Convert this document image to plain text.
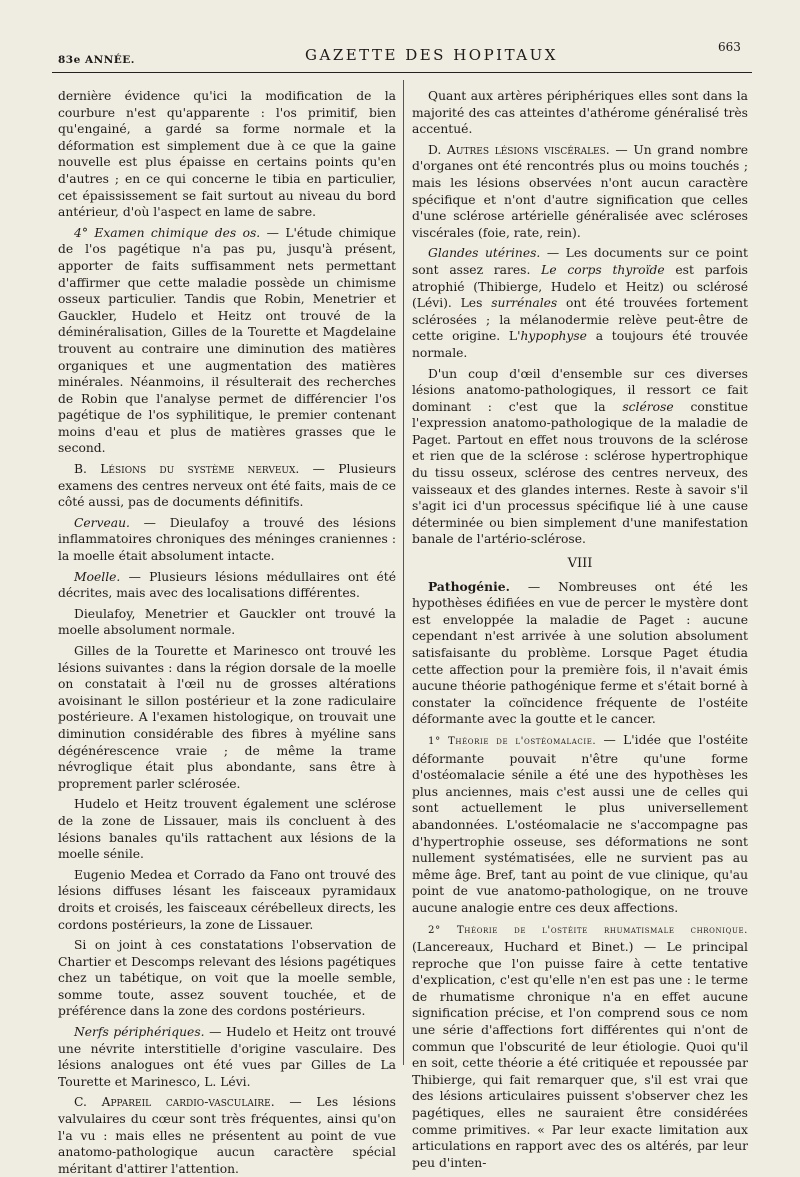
83e ANNÉE.	GAZETTE DES HOPITAUX	663

dernière évidence qu'ici la modification de la courbure n'est qu'apparente : l'os primitif, bien qu'engainé, a gardé sa forme normale et la déformation est simplement due à ce que la gaine nouvelle est plus épaisse en certains points qu'en d'autres ; en ce qui concerne le tibia en particulier, cet épaississement se fait surtout au niveau du bord antérieur, d'où l'aspect en lame de sabre.

4° Examen chimique des os. — L'étude chimique de l'os pagétique n'a pas pu, jusqu'à présent, apporter de faits suffisamment nets permettant d'affirmer que cette maladie possède un chimisme osseux particulier. Tandis que Robin, Menetrier et Gauckler, Hudelo et Heitz ont trouvé de la déminéralisation, Gilles de la Tourette et Magdelaine trouvent au contraire une diminution des matières organiques et une augmentation des matières minérales. Néanmoins, il résulterait des recherches de Robin que l'analyse permet de différencier l'os pagétique de l'os syphilitique, le premier contenant moins d'eau et plus de matières grasses que le second.

B. Lésions du système nerveux. — Plusieurs examens des centres nerveux ont été faits, mais de ce côté aussi, pas de documents définitifs.

Cerveau. — Dieulafoy a trouvé des lésions inflammatoires chroniques des méninges craniennes : la moelle était absolument intacte.

Moelle. — Plusieurs lésions médullaires ont été décrites, mais avec des localisations différentes.

Dieulafoy, Menetrier et Gauckler ont trouvé la moelle absolument normale.

Gilles de la Tourette et Marinesco ont trouvé les lésions suivantes : dans la région dorsale de la moelle on constatait à l'œil nu de grosses altérations avoisinant le sillon postérieur et la zone radiculaire postérieure. A l'examen histologique, on trouvait une diminution considérable des fibres à myéline sans dégénérescence vraie ; de même la trame névroglique était plus abondante, sans être à proprement parler sclérosée.

Hudelo et Heitz trouvent également une sclérose de la zone de Lissauer, mais ils concluent à des lésions banales qu'ils rattachent aux lésions de la moelle sénile.

Eugenio Medea et Corrado da Fano ont trouvé des lésions diffuses lésant les faisceaux pyramidaux droits et croisés, les faisceaux cérébelleux directs, les cordons postérieurs, la zone de Lissauer.

Si on joint à ces constatations l'observation de Chartier et Descomps relevant des lésions pagétiques chez un tabétique, on voit que la moelle semble, somme toute, assez souvent touchée, et de préférence dans la zone des cordons postérieurs.

Nerfs périphériques. — Hudelo et Heitz ont trouvé une névrite interstitielle d'origine vasculaire. Des lésions analogues ont été vues par Gilles de La Tourette et Marinesco, L. Lévi.

C. Appareil cardio-vasculaire. — Les lésions valvulaires du cœur sont très fréquentes, ainsi qu'on l'a vu : mais elles ne présentent au point de vue anatomo-pathologique aucun caractère spécial méritant d'attirer l'attention.

Quant aux artères périphériques elles sont dans la majorité des cas atteintes d'athérome généralisé très accentué.

D. Autres lésions viscérales. — Un grand nombre d'organes ont été rencontrés plus ou moins touchés ; mais les lésions observées n'ont aucun caractère spécifique et n'ont d'autre signification que celles d'une sclérose artérielle généralisée avec scléroses viscérales (foie, rate, rein).

Glandes utérines. — Les documents sur ce point sont assez rares. Le corps thyroïde est parfois atrophié (Thibierge, Hudelo et Heitz) ou sclérosé (Lévi). Les surrénales ont été trouvées fortement sclérosées ; la mélanodermie relève peut-être de cette origine. L'hypophyse a toujours été trouvée normale.

D'un coup d'œil d'ensemble sur ces diverses lésions anatomo-pathologiques, il ressort ce fait dominant : c'est que la sclérose constitue l'expression anatomo-pathologique de la maladie de Paget. Partout en effet nous trouvons de la sclérose et rien que de la sclérose : sclérose hypertrophique du tissu osseux, sclérose des centres nerveux, des vaisseaux et des glandes internes. Reste à savoir s'il s'agit ici d'un processus spécifique lié à une cause déterminée ou bien simplement d'une manifestation banale de l'artério-sclérose.

VIII

Pathogénie. — Nombreuses ont été les hypothèses édifiées en vue de percer le mystère dont est enveloppée la maladie de Paget : aucune cependant n'est arrivée à une solution absolument satisfaisante du problème. Lorsque Paget étudia cette affection pour la première fois, il n'avait émis aucune théorie pathogénique ferme et s'était borné à constater la coïncidence fréquente de l'ostéite déformante avec la goutte et le cancer.

1° Théorie de l'ostéomalacie. — L'idée que l'ostéite déformante pouvait n'être qu'une forme d'ostéomalacie sénile a été une des hypothèses les plus anciennes, mais c'est aussi une de celles qui sont actuellement le plus universellement abandonnées. L'ostéomalacie ne s'accompagne pas d'hypertrophie osseuse, ses déformations ne sont nullement systématisées, elle ne survient pas au même âge. Bref, tant au point de vue clinique, qu'au point de vue anatomo-pathologique, on ne trouve aucune analogie entre ces deux affections.

2° Théorie de l'ostéite rhumatismale chronique. (Lancereaux, Huchard et Binet.) — Le principal reproche que l'on puisse faire à cette tentative d'explication, c'est qu'elle n'en est pas une : le terme de rhumatisme chronique n'a en effet aucune signification précise, et l'on comprend sous ce nom une série d'affections fort différentes qui n'ont de commun que l'obscurité de leur étiologie. Quoi qu'il en soit, cette théorie a été critiquée et repoussée par Thibierge, qui fait remarquer que, s'il est vrai que des lésions articulaires puissent s'observer chez les pagétiques, elles ne sauraient être considérées comme primitives. « Par leur exacte limitation aux articulations en rapport avec des os altérés, par leur peu d'inten-
